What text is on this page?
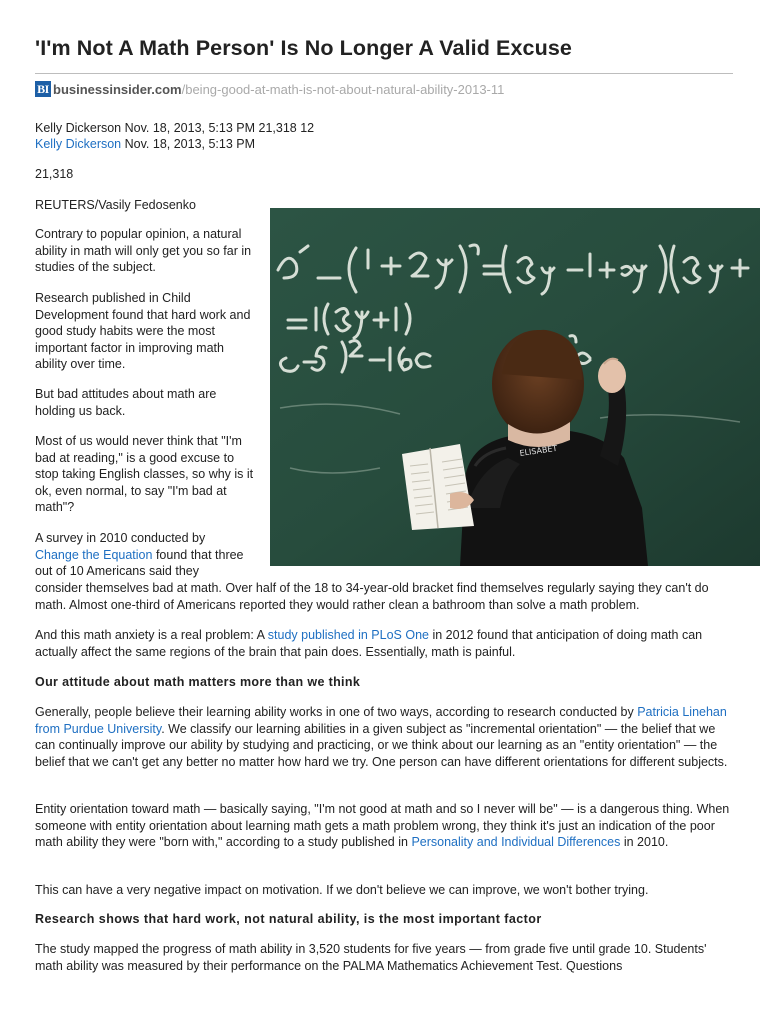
'I'm Not A Math Person' Is No Longer A Valid Excuse
BI businessinsider.com /being-good-at-math-is-not-about-natural-ability-2013-11
Kelly Dickerson Nov. 18, 2013, 5:13 PM 21,318 12
Kelly Dickerson Nov. 18, 2013, 5:13 PM
21,318
REUTERS/Vasily Fedosenko
ELISABET

Contrary to popular opinion, a natural ability in math will only get you so far in studies of the subject.

Research published in Child Development found that hard work and good study habits were the most important factor in improving math ability over time.

But bad attitudes about math are holding us back.

Most of us would never think that "I'm bad at reading," is a good excuse to stop taking English classes, so why is it ok, even normal, to say "I'm bad at math"?

A survey in 2010 conducted by
Change the Equation found that three out of 10 Americans said they

consider themselves bad at math. Over half of the 18 to 34-year-old bracket find themselves regularly saying they can't do math. Almost one-third of Americans reported they would rather clean a bathroom than solve a math problem.

And this math anxiety is a real problem: A study published in PLoS One in 2012 found that anticipation of doing math can actually affect the same regions of the brain that pain does. Essentially, math is painful.

Our attitude about math matters more than we think

Generally, people believe their learning ability works in one of two ways, according to research conducted by Patricia Linehan from Purdue University. We classify our learning abilities in a given subject as "incremental orientation" — the belief that we can continually improve our ability by studying and practicing, or we think about our learning as an "entity orientation" — the belief that we can't get any better no matter how hard we try. One person can have different orientations for different subjects.

Entity orientation toward math — basically saying, "I'm not good at math and so I never will be" — is a dangerous thing. When someone with entity orientation about learning math gets a math problem wrong, they think it's just an indication of the poor math ability they were "born with," according to a study published in Personality and Individual Differences in 2010.

This can have a very negative impact on motivation. If we don't believe we can improve, we won't bother trying.

Research shows that hard work, not natural ability, is the most important factor

The study mapped the progress of math ability in 3,520 students for five years — from grade five until grade 10. Students' math ability was measured by their performance on the PALMA Mathematics Achievement Test. Questions
